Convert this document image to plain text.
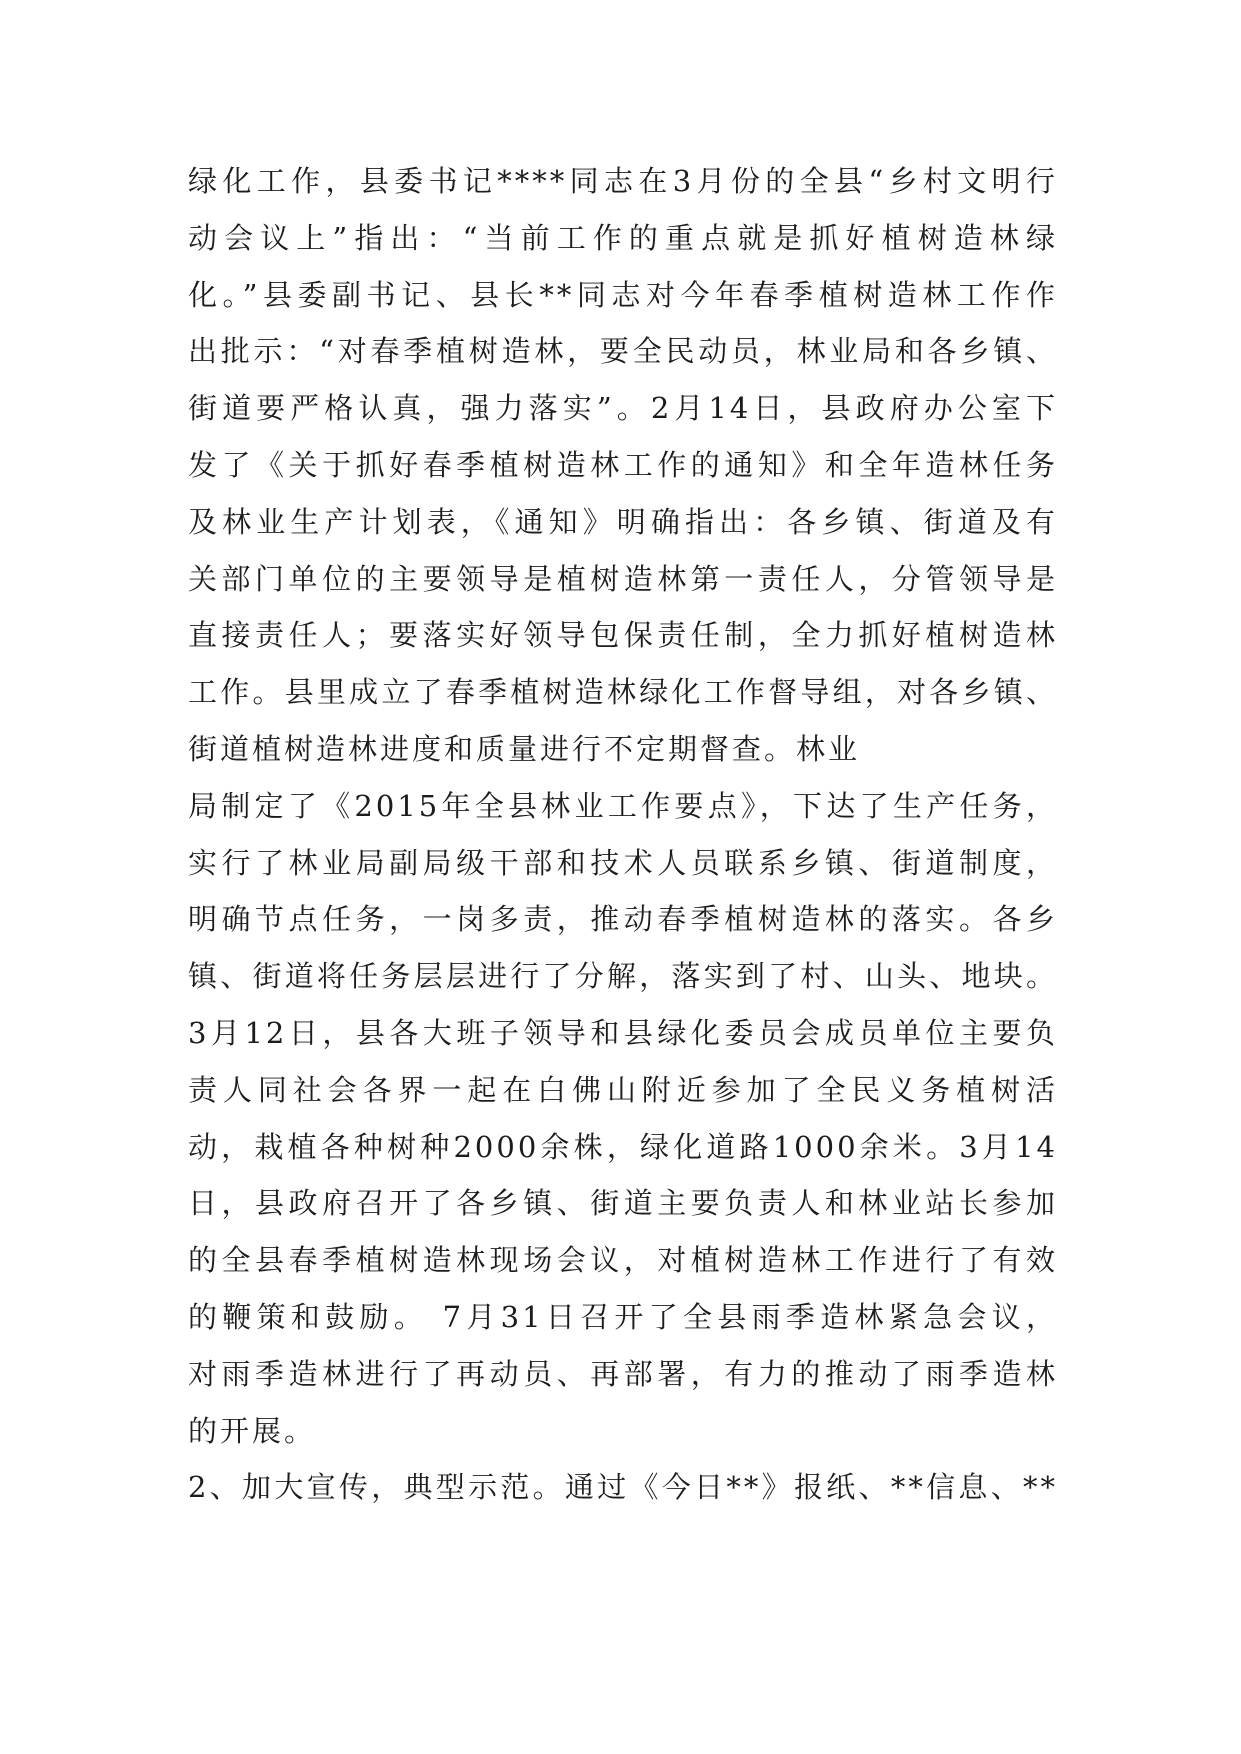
绿化工作，县委书记****同志在3月份的全县“乡村文明行
动会议上”指出：“当前工作的重点就是抓好植树造林绿
化。”县委副书记、县长**同志对今年春季植树造林工作作
出批示：“对春季植树造林，要全民动员，林业局和各乡镇、
街道要严格认真，强力落实”。2月14日，县政府办公室下
发了《关于抓好春季植树造林工作的通知》和全年造林任务
及林业生产计划表，《通知》明确指出：各乡镇、街道及有
关部门单位的主要领导是植树造林第一责任人，分管领导是
直接责任人；要落实好领导包保责任制，全力抓好植树造林
工作。县里成立了春季植树造林绿化工作督导组，对各乡镇、
街道植树造林进度和质量进行不定期督查。林业
局制定了《2015年全县林业工作要点》，下达了生产任务，
实行了林业局副局级干部和技术人员联系乡镇、街道制度，
明确节点任务，一岗多责，推动春季植树造林的落实。各乡
镇、街道将任务层层进行了分解，落实到了村、山头、地块。
3月12日，县各大班子领导和县绿化委员会成员单位主要负
责人同社会各界一起在白佛山附近参加了全民义务植树活
动，栽植各种树种2000余株，绿化道路1000余米。3月14
日，县政府召开了各乡镇、街道主要负责人和林业站长参加
的全县春季植树造林现场会议，对植树造林工作进行了有效
的鞭策和鼓励。 7月31日召开了全县雨季造林紧急会议，
对雨季造林进行了再动员、再部署，有力的推动了雨季造林
的开展。
2、加大宣传，典型示范。通过《今日**》报纸、**信息、**
